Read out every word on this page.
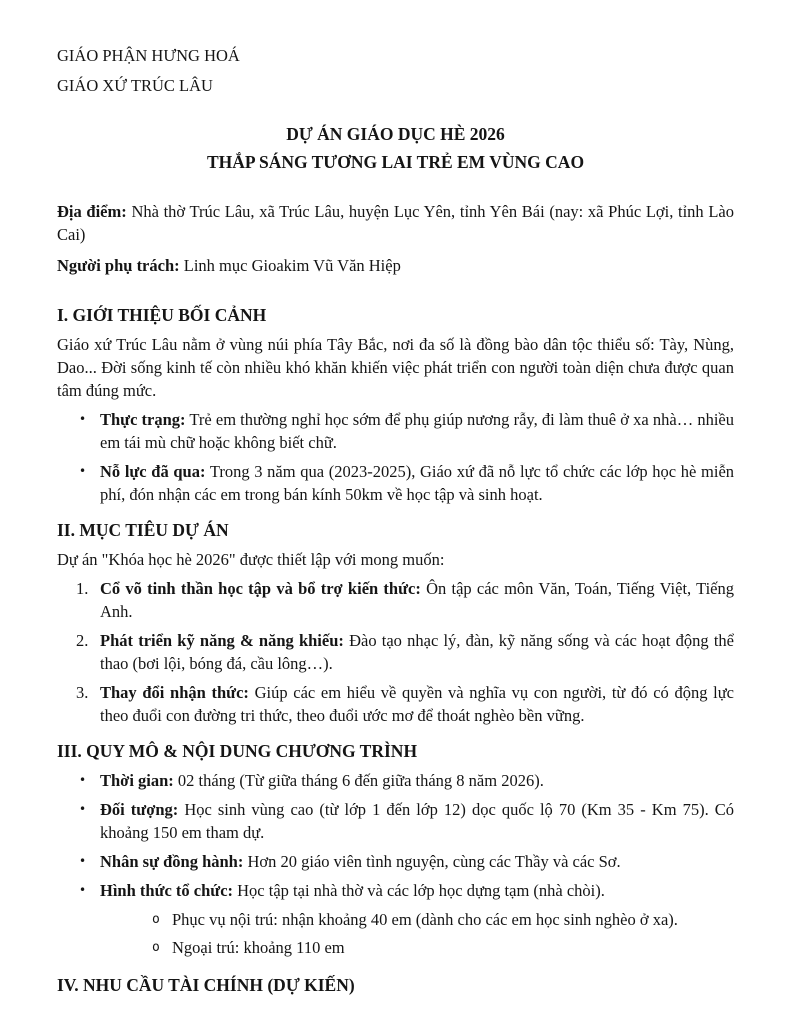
GIÁO PHẬN HƯNG HOÁ
GIÁO XỨ TRÚC LÂU
DỰ ÁN GIÁO DỤC HÈ 2026
THẮP SÁNG TƯƠNG LAI TRẺ EM VÙNG CAO

Địa điểm: Nhà thờ Trúc Lâu, xã Trúc Lâu, huyện Lục Yên, tỉnh Yên Bái (nay: xã Phúc Lợi, tỉnh Lào Cai)

Người phụ trách: Linh mục Gioakim Vũ Văn Hiệp

I. GIỚI THIỆU BỐI CẢNH

Giáo xứ Trúc Lâu nằm ở vùng núi phía Tây Bắc, nơi đa số là đồng bào dân tộc thiểu số: Tày, Nùng, Dao... Đời sống kinh tế còn nhiều khó khăn khiến việc phát triển con người toàn diện chưa được quan tâm đúng mức.

• Thực trạng: Trẻ em thường nghỉ học sớm để phụ giúp nương rẫy, đi làm thuê ở xa nhà… nhiều em tái mù chữ hoặc không biết chữ.
• Nỗ lực đã qua: Trong 3 năm qua (2023-2025), Giáo xứ đã nỗ lực tổ chức các lớp học hè miễn phí, đón nhận các em trong bán kính 50km về học tập và sinh hoạt.
II. MỤC TIÊU DỰ ÁN

Dự án "Khóa học hè 2026" được thiết lập với mong muốn:

1. Cổ võ tinh thần học tập và bổ trợ kiến thức: Ôn tập các môn Văn, Toán, Tiếng Việt, Tiếng Anh.
2. Phát triển kỹ năng & năng khiếu: Đào tạo nhạc lý, đàn, kỹ năng sống và các hoạt động thể thao (bơi lội, bóng đá, cầu lông…).
3. Thay đổi nhận thức: Giúp các em hiểu về quyền và nghĩa vụ con người, từ đó có động lực theo đuổi con đường tri thức, theo đuổi ước mơ để thoát nghèo bền vững.
III. QUY MÔ & NỘI DUNG CHƯƠNG TRÌNH
• Thời gian: 02 tháng (Từ giữa tháng 6 đến giữa tháng 8 năm 2026).
• Đối tượng: Học sinh vùng cao (từ lớp 1 đến lớp 12) dọc quốc lộ 70 (Km 35 - Km 75). Có khoảng 150 em tham dự.
• Nhân sự đồng hành: Hơn 20 giáo viên tình nguyện, cùng các Thầy và các Sơ.
• Hình thức tổ chức: Học tập tại nhà thờ và các lớp học dựng tạm (nhà chòi).
o Phục vụ nội trú: nhận khoảng 40 em (dành cho các em học sinh nghèo ở xa).
o Ngoại trú: khoảng 110 em
IV. NHU CẦU TÀI CHÍNH (DỰ KIẾN)
